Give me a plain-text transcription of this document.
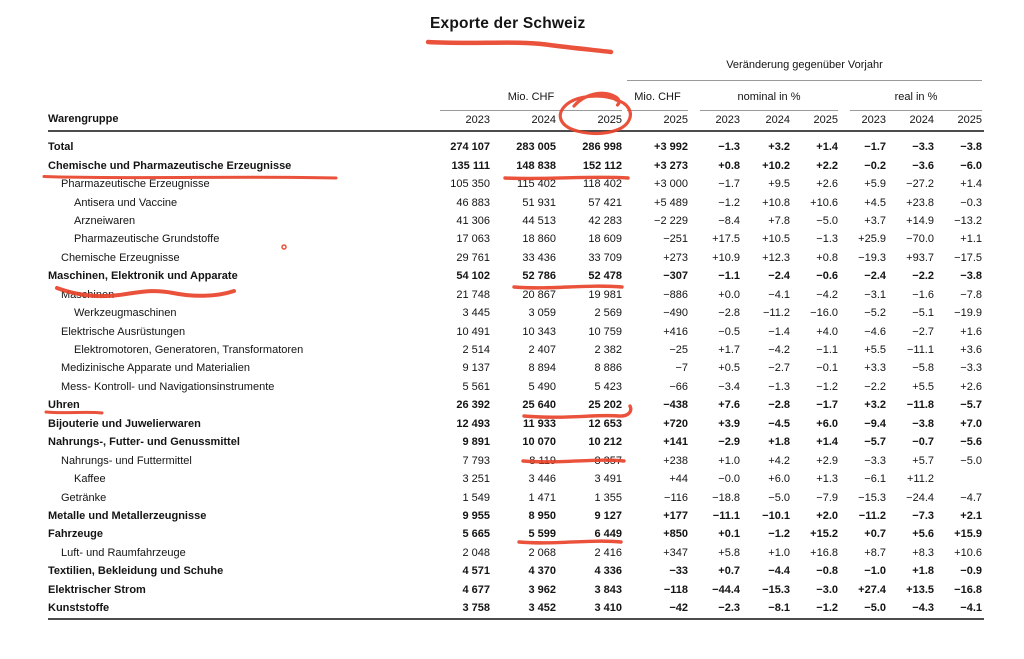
Exporte der Schweiz
Veränderung gegenüber Vorjahr
Mio. CHF	Mio. CHF	nominal in %	real in %
Warengruppe	2023	2024	2025	2025	2023	2024	2025	2023	2024	2025
Total	274 107	283 005	286 998	+3 992	−1.3	+3.2	+1.4	−1.7	−3.3	−3.8
Chemische und Pharmazeutische Erzeugnisse	135 111	148 838	152 112	+3 273	+0.8	+10.2	+2.2	−0.2	−3.6	−6.0
Pharmazeutische Erzeugnisse	105 350	115 402	118 402	+3 000	−1.7	+9.5	+2.6	+5.9	−27.2	+1.4
Antisera und Vaccine	46 883	51 931	57 421	+5 489	−1.2	+10.8	+10.6	+4.5	+23.8	−0.3
Arzneiwaren	41 306	44 513	42 283	−2 229	−8.4	+7.8	−5.0	+3.7	+14.9	−13.2
Pharmazeutische Grundstoffe	17 063	18 860	18 609	−251	+17.5	+10.5	−1.3	+25.9	−70.0	+1.1
Chemische Erzeugnisse	29 761	33 436	33 709	+273	+10.9	+12.3	+0.8	−19.3	+93.7	−17.5
Maschinen, Elektronik und Apparate	54 102	52 786	52 478	−307	−1.1	−2.4	−0.6	−2.4	−2.2	−3.8
Maschinen	21 748	20 867	19 981	−886	+0.0	−4.1	−4.2	−3.1	−1.6	−7.8
Werkzeugmaschinen	3 445	3 059	2 569	−490	−2.8	−11.2	−16.0	−5.2	−5.1	−19.9
Elektrische Ausrüstungen	10 491	10 343	10 759	+416	−0.5	−1.4	+4.0	−4.6	−2.7	+1.6
Elektromotoren, Generatoren, Transformatoren	2 514	2 407	2 382	−25	+1.7	−4.2	−1.1	+5.5	−11.1	+3.6
Medizinische Apparate und Materialien	9 137	8 894	8 886	−7	+0.5	−2.7	−0.1	+3.3	−5.8	−3.3
Mess- Kontroll- und Navigationsinstrumente	5 561	5 490	5 423	−66	−3.4	−1.3	−1.2	−2.2	+5.5	+2.6
Uhren	26 392	25 640	25 202	−438	+7.6	−2.8	−1.7	+3.2	−11.8	−5.7
Bijouterie und Juwelierwaren	12 493	11 933	12 653	+720	+3.9	−4.5	+6.0	−9.4	−3.8	+7.0
Nahrungs-, Futter- und Genussmittel	9 891	10 070	10 212	+141	−2.9	+1.8	+1.4	−5.7	−0.7	−5.6
Nahrungs- und Futtermittel	7 793	8 119	8 357	+238	+1.0	+4.2	+2.9	−3.3	+5.7	−5.0
Kaffee	3 251	3 446	3 491	+44	−0.0	+6.0	+1.3	−6.1	+11.2
Getränke	1 549	1 471	1 355	−116	−18.8	−5.0	−7.9	−15.3	−24.4	−4.7
Metalle und Metallerzeugnisse	9 955	8 950	9 127	+177	−11.1	−10.1	+2.0	−11.2	−7.3	+2.1
Fahrzeuge	5 665	5 599	6 449	+850	+0.1	−1.2	+15.2	+0.7	+5.6	+15.9
Luft- und Raumfahrzeuge	2 048	2 068	2 416	+347	+5.8	+1.0	+16.8	+8.7	+8.3	+10.6
Textilien, Bekleidung und Schuhe	4 571	4 370	4 336	−33	+0.7	−4.4	−0.8	−1.0	+1.8	−0.9
Elektrischer Strom	4 677	3 962	3 843	−118	−44.4	−15.3	−3.0	+27.4	+13.5	−16.8
Kunststoffe	3 758	3 452	3 410	−42	−2.3	−8.1	−1.2	−5.0	−4.3	−4.1
